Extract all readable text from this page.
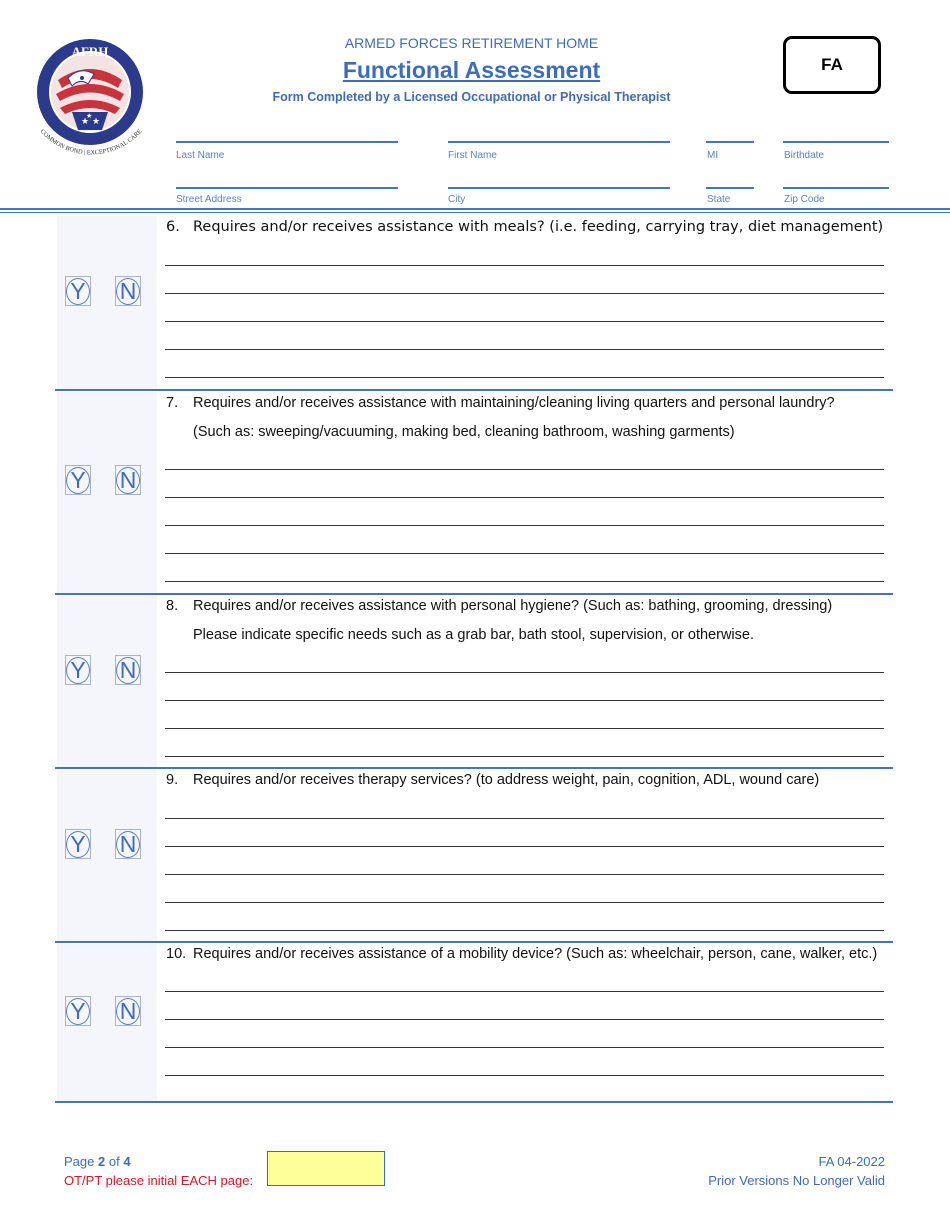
★ ★
★
AFRH
COMMON BOND | EXCEPTIONAL CARE
ARMED FORCES RETIREMENT HOME
Functional Assessment
Form Completed by a Licensed Occupational or Physical Therapist
FA
Last Name	First Name	MI	Birthdate
Street Address	City	State	Zip Code
Y N
6. Requires and/or receives assistance with meals? (i.e. feeding, carrying tray, diet management)
Y N
7. Requires and/or receives assistance with maintaining/cleaning living quarters and personal laundry?
(Such as: sweeping/vacuuming, making bed, cleaning bathroom, washing garments)
Y N
8. Requires and/or receives assistance with personal hygiene? (Such as: bathing, grooming, dressing)
Please indicate specific needs such as a grab bar, bath stool, supervision, or otherwise.
Y N
9. Requires and/or receives therapy services? (to address weight, pain, cognition, ADL, wound care)
Y N
10. Requires and/or receives assistance of a mobility device? (Such as: wheelchair, person, cane, walker, etc.)
Page 2 of 4
OT/PT please initial EACH page:
FA 04-2022
Prior Versions No Longer Valid
